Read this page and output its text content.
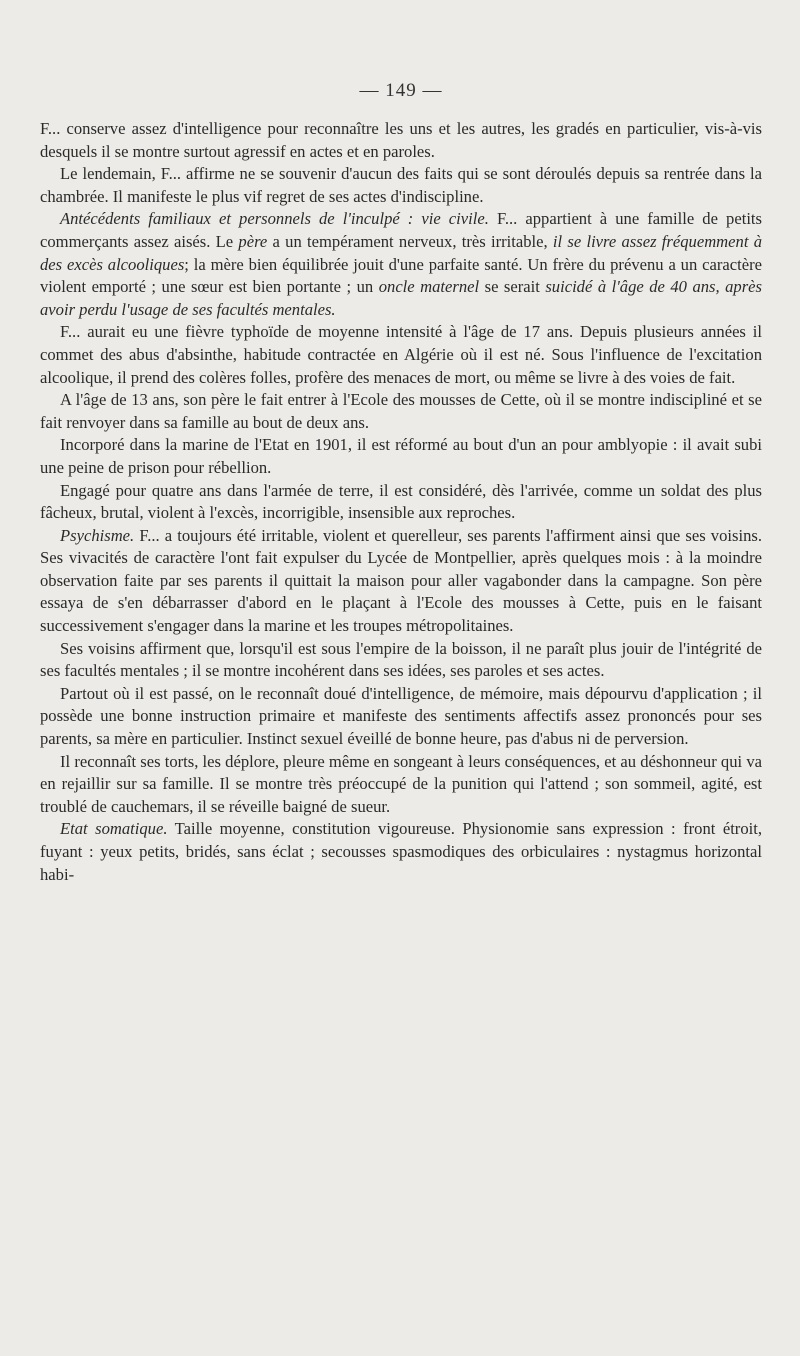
— 149 —

F... conserve assez d'intelligence pour reconnaître les uns et les autres, les gradés en particulier, vis-à-vis desquels il se montre surtout agressif en actes et en paroles.

Le lendemain, F... affirme ne se souvenir d'aucun des faits qui se sont déroulés depuis sa rentrée dans la chambrée. Il manifeste le plus vif regret de ses actes d'indiscipline.

Antécédents familiaux et personnels de l'inculpé : vie civile. F... appartient à une famille de petits commerçants assez aisés. Le père a un tempérament nerveux, très irritable, il se livre assez fréquemment à des excès alcooliques; la mère bien équilibrée jouit d'une parfaite santé. Un frère du prévenu a un caractère violent emporté ; une sœur est bien portante ; un oncle maternel se serait suicidé à l'âge de 40 ans, après avoir perdu l'usage de ses facultés mentales.

F... aurait eu une fièvre typhoïde de moyenne intensité à l'âge de 17 ans. Depuis plusieurs années il commet des abus d'absinthe, habitude contractée en Algérie où il est né. Sous l'influence de l'excitation alcoolique, il prend des colères folles, profère des menaces de mort, ou même se livre à des voies de fait.

A l'âge de 13 ans, son père le fait entrer à l'Ecole des mousses de Cette, où il se montre indiscipliné et se fait renvoyer dans sa famille au bout de deux ans.

Incorporé dans la marine de l'Etat en 1901, il est réformé au bout d'un an pour amblyopie : il avait subi une peine de prison pour rébellion.

Engagé pour quatre ans dans l'armée de terre, il est considéré, dès l'arrivée, comme un soldat des plus fâcheux, brutal, violent à l'excès, incorrigible, insensible aux reproches.

Psychisme. F... a toujours été irritable, violent et querelleur, ses parents l'affirment ainsi que ses voisins. Ses vivacités de caractère l'ont fait expulser du Lycée de Montpellier, après quelques mois : à la moindre observation faite par ses parents il quittait la maison pour aller vagabonder dans la campagne. Son père essaya de s'en débarrasser d'abord en le plaçant à l'Ecole des mousses à Cette, puis en le faisant successivement s'engager dans la marine et les troupes métropolitaines.

Ses voisins affirment que, lorsqu'il est sous l'empire de la boisson, il ne paraît plus jouir de l'intégrité de ses facultés mentales ; il se montre incohérent dans ses idées, ses paroles et ses actes.

Partout où il est passé, on le reconnaît doué d'intelligence, de mémoire, mais dépourvu d'application ; il possède une bonne instruction primaire et manifeste des sentiments affectifs assez prononcés pour ses parents, sa mère en particulier. Instinct sexuel éveillé de bonne heure, pas d'abus ni de perversion.

Il reconnaît ses torts, les déplore, pleure même en songeant à leurs conséquences, et au déshonneur qui va en rejaillir sur sa famille. Il se montre très préoccupé de la punition qui l'attend ; son sommeil, agité, est troublé de cauchemars, il se réveille baigné de sueur.

Etat somatique. Taille moyenne, constitution vigoureuse. Physionomie sans expression : front étroit, fuyant : yeux petits, bridés, sans éclat ; secousses spasmodiques des orbiculaires : nystagmus horizontal habi-
